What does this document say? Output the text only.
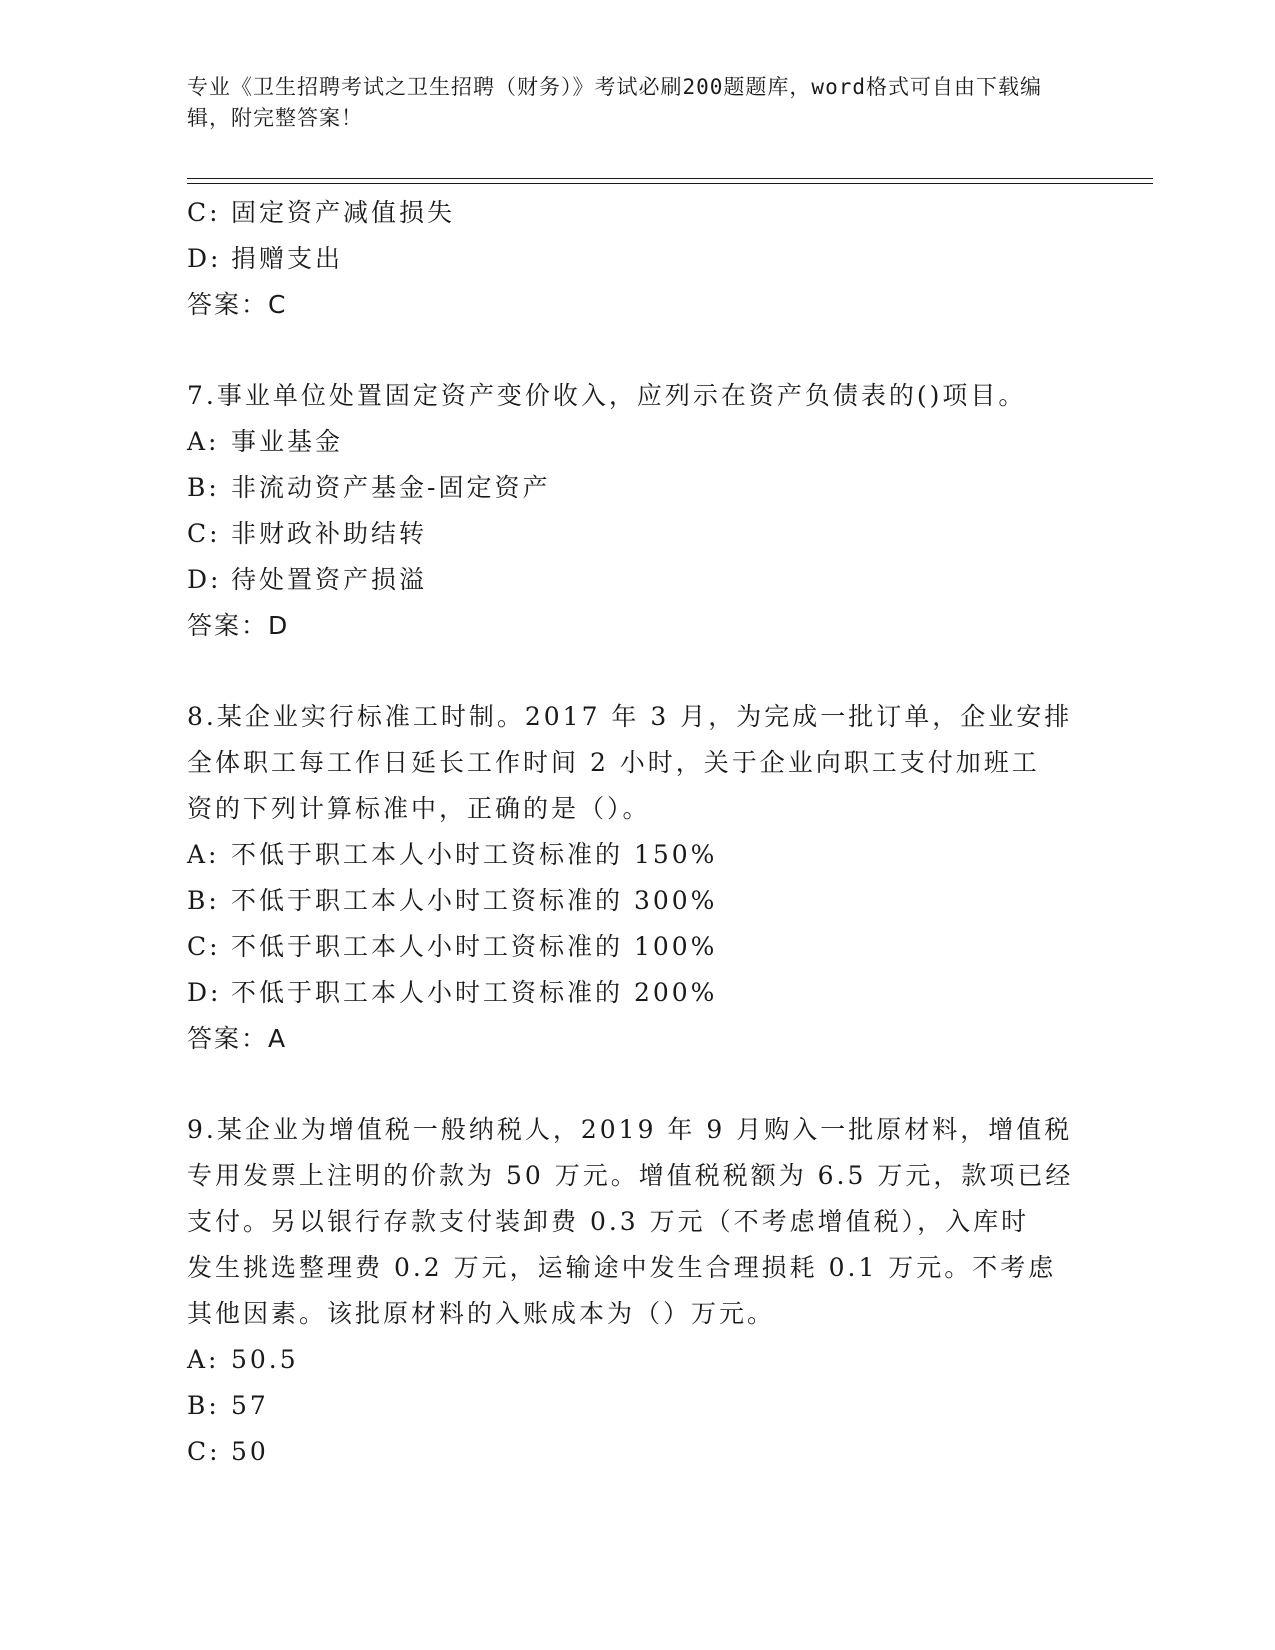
专业《卫生招聘考试之卫生招聘（财务）》考试必刷200题题库，word格式可自由下载编辑，附完整答案！
C: 固定资产减值损失
D: 捐赠支出
答案：C
7.事业单位处置固定资产变价收入，应列示在资产负债表的()项目。
A: 事业基金
B: 非流动资产基金-固定资产
C: 非财政补助结转
D: 待处置资产损溢
答案：D
8.某企业实行标准工时制。2017 年 3 月，为完成一批订单，企业安排
全体职工每工作日延长工作时间 2 小时，关于企业向职工支付加班工
资的下列计算标准中，正确的是（）。
A: 不低于职工本人小时工资标准的 150%
B: 不低于职工本人小时工资标准的 300%
C: 不低于职工本人小时工资标准的 100%
D: 不低于职工本人小时工资标准的 200%
答案：A
9.某企业为增值税一般纳税人，2019 年 9 月购入一批原材料，增值税
专用发票上注明的价款为 50 万元。增值税税额为 6.5 万元，款项已经
支付。另以银行存款支付装卸费 0.3 万元（不考虑增值税），入库时
发生挑选整理费 0.2 万元，运输途中发生合理损耗 0.1 万元。不考虑
其他因素。该批原材料的入账成本为（）万元。
A: 50.5
B: 57
C: 50
